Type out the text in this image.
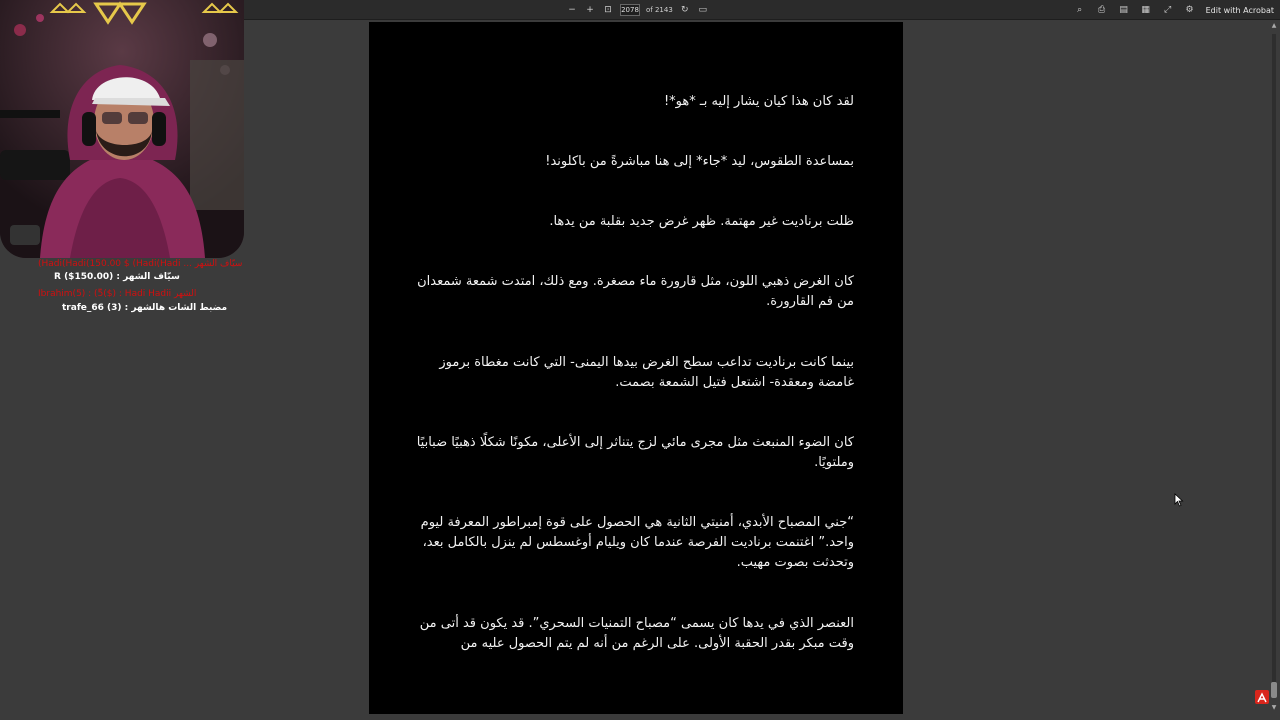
− + ⊡	2078 of 2143 ↻ ▭	⌕	⎙ ▤ ▦ ⤢ ⚙ Edit with Acrobat

لقد كان هذا كيان يشار إليه بـ *هو*!

بمساعدة الطقوس، ليد *جاء* إلى هنا مباشرةً من باكلوند!

ظلت برناديت غير مهتمة. ظهر غرض جديد بقلبة من يدها.

كان الغرض ذهبي اللون، مثل قارورة ماء مصغرة. ومع ذلك، امتدت شمعة شمعدان من فم القارورة.

بينما كانت برناديت تداعب سطح الغرض بيدها اليمنى- التي كانت مغطاة برموز غامضة ومعقدة- اشتعل فتيل الشمعة بصمت.

كان الضوء المنبعث مثل مجرى مائي لزج يتناثر إلى الأعلى، مكونًا شكلًا ذهبيًا ضبابيًا وملتويًا.

“جني المصباح الأبدي، أمنيتي الثانية هي الحصول على قوة إمبراطور المعرفة ليوم واحد.” اغتنمت برناديت الفرصة عندما كان ويليام أوغسطس لم ينزل بالكامل بعد، وتحدثت بصوت مهيب.

العنصر الذي في يدها كان يسمى “مصباح التمنيات السحري”. قد يكون قد أتى من وقت مبكر بقدر الحقبة الأولى. على الرغم من أنه لم يتم الحصول عليه من

(Hadi(Hadi(150.00 $ (Hadi(Hadi ... سيّاف الشهر
R ($150.00) : سيّاف الشهر
Ibrahim(5) : (ّ5($) : Hadi Hadii الشهر
trafe_66 (3) : مضبط الشات هالشهر
▲
▼
